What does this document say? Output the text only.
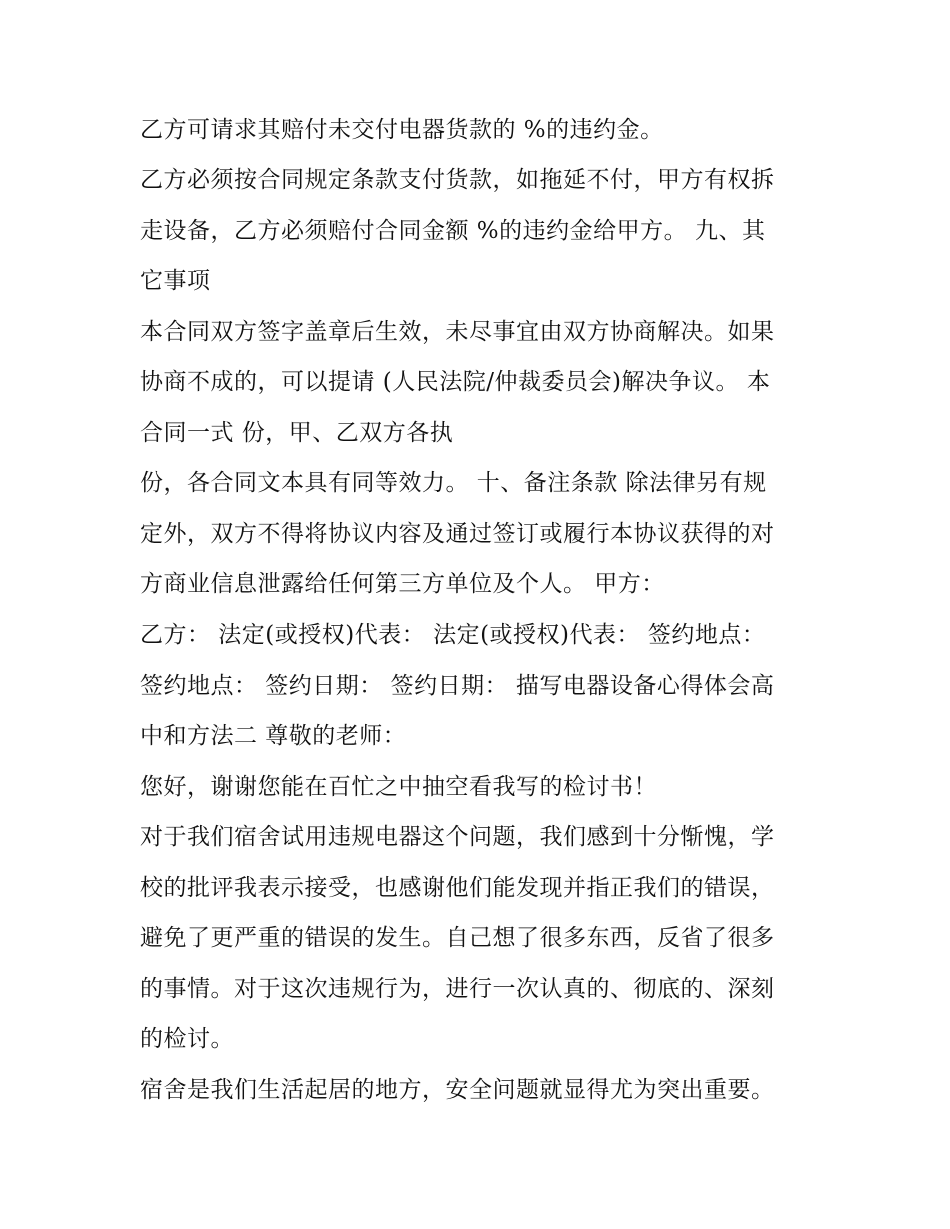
乙方可请求其赔付未交付电器货款的 %的违约金。
乙方必须按合同规定条款支付货款，如拖延不付，甲方有权拆
走设备，乙方必须赔付合同金额 %的违约金给甲方。 九、其
它事项
本合同双方签字盖章后生效，未尽事宜由双方协商解决。如果
协商不成的，可以提请 (人民法院/仲裁委员会)解决争议。 本
合同一式 份，甲、乙双方各执
份，各合同文本具有同等效力。 十、备注条款 除法律另有规
定外，双方不得将协议内容及通过签订或履行本协议获得的对
方商业信息泄露给任何第三方单位及个人。 甲方：
乙方： 法定(或授权)代表： 法定(或授权)代表： 签约地点：
签约地点： 签约日期： 签约日期： 描写电器设备心得体会高
中和方法二 尊敬的老师：
您好，谢谢您能在百忙之中抽空看我写的检讨书！
对于我们宿舍试用违规电器这个问题，我们感到十分惭愧，学
校的批评我表示接受，也感谢他们能发现并指正我们的错误，
避免了更严重的错误的发生。自己想了很多东西，反省了很多
的事情。对于这次违规行为，进行一次认真的、彻底的、深刻
的检讨。
宿舍是我们生活起居的地方，安全问题就显得尤为突出重要。
